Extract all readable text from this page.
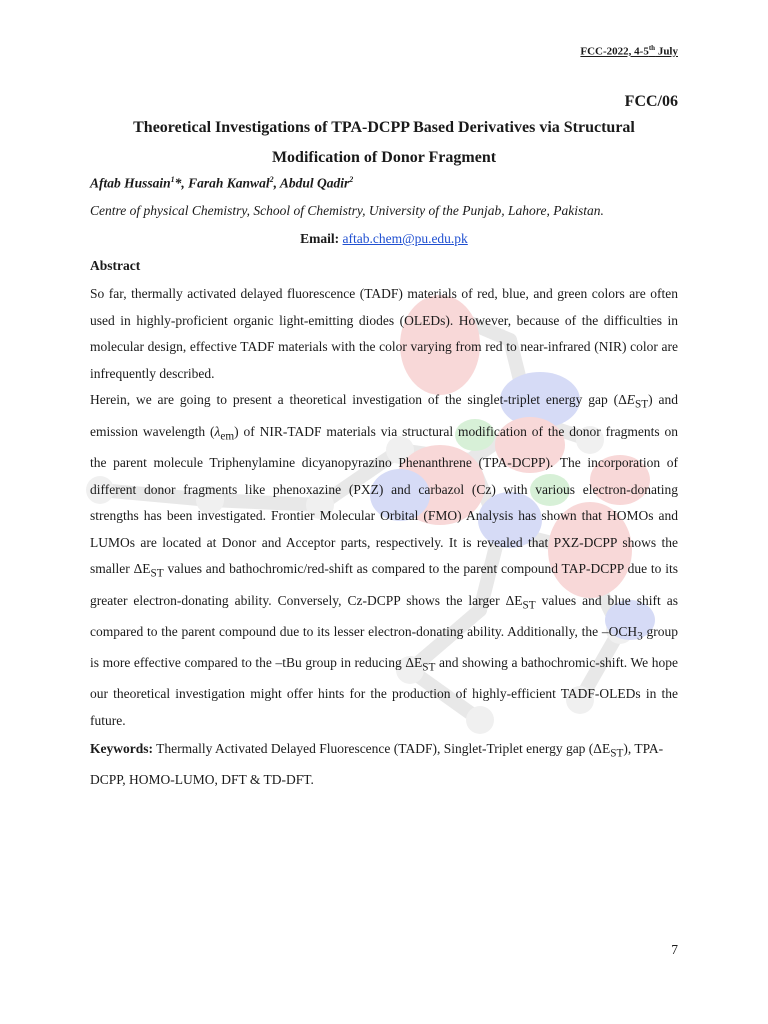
FCC-2022, 4-5th July
FCC/06
Theoretical Investigations of TPA-DCPP Based Derivatives via Structural
Modification of Donor Fragment
Aftab Hussain$^1$*, Farah Kanwal$^2$, Abdul Qadir$^2$
Centre of physical Chemistry, School of Chemistry, University of the Punjab, Lahore, Pakistan.
Email: aftab.chem@pu.edu.pk
Abstract

So far, thermally activated delayed fluorescence (TADF) materials of red, blue, and green colors are often used in highly-proficient organic light-emitting diodes (OLEDs). However, because of the difficulties in molecular design, effective TADF materials with the color varying from red to near-infrared (NIR) color are infrequently described.

Herein, we are going to present a theoretical investigation of the singlet-triplet energy gap $(\Delta E_{ST})$ and emission wavelength $(\lambda_{em})$ of NIR-TADF materials via structural modification of the donor fragments on the parent molecule Triphenylamine dicyanopyrazino Phenanthrene (TPA-DCPP). The incorporation of different donor fragments like phenoxazine (PXZ) and carbazol (Cz) with various electron-donating strengths has been investigated. Frontier Molecular Orbital (FMO) Analysis has shown that HOMOs and LUMOs are located at Donor and Acceptor parts, respectively. It is revealed that PXZ-DCPP shows the smaller $\Delta E_{ST}$ values and bathochromic/red-shift as compared to the parent compound TAP-DCPP due to its greater electron-donating ability. Conversely, Cz-DCPP shows the larger $\Delta E_{ST}$ values and blue shift as compared to the parent compound due to its lesser electron-donating ability. Additionally, the $-OCH_3$ group is more effective compared to the –tBu group in reducing $\Delta E_{ST}$ and showing a bathochromic-shift. We hope our theoretical investigation might offer hints for the production of highly-efficient TADF-OLEDs in the future.

Keywords: Thermally Activated Delayed Fluorescence (TADF), Singlet-Triplet energy gap $(\Delta E_{ST})$, TPA-DCPP, HOMO-LUMO, DFT & TD-DFT.
7
